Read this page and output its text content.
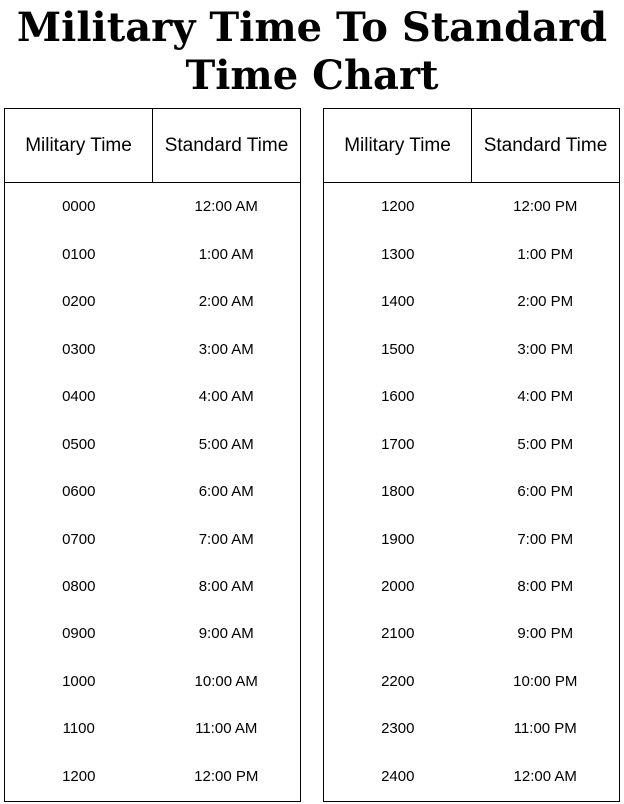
Military Time To Standard Time Chart
Military Time	Standard Time
0000	12:00 AM
0100	1:00 AM
0200	2:00 AM
0300	3:00 AM
0400	4:00 AM
0500	5:00 AM
0600	6:00 AM
0700	7:00 AM
0800	8:00 AM
0900	9:00 AM
1000	10:00 AM
1100	11:00 AM
1200	12:00 PM
Military Time	Standard Time
1200	12:00 PM
1300	1:00 PM
1400	2:00 PM
1500	3:00 PM
1600	4:00 PM
1700	5:00 PM
1800	6:00 PM
1900	7:00 PM
2000	8:00 PM
2100	9:00 PM
2200	10:00 PM
2300	11:00 PM
2400	12:00 AM
